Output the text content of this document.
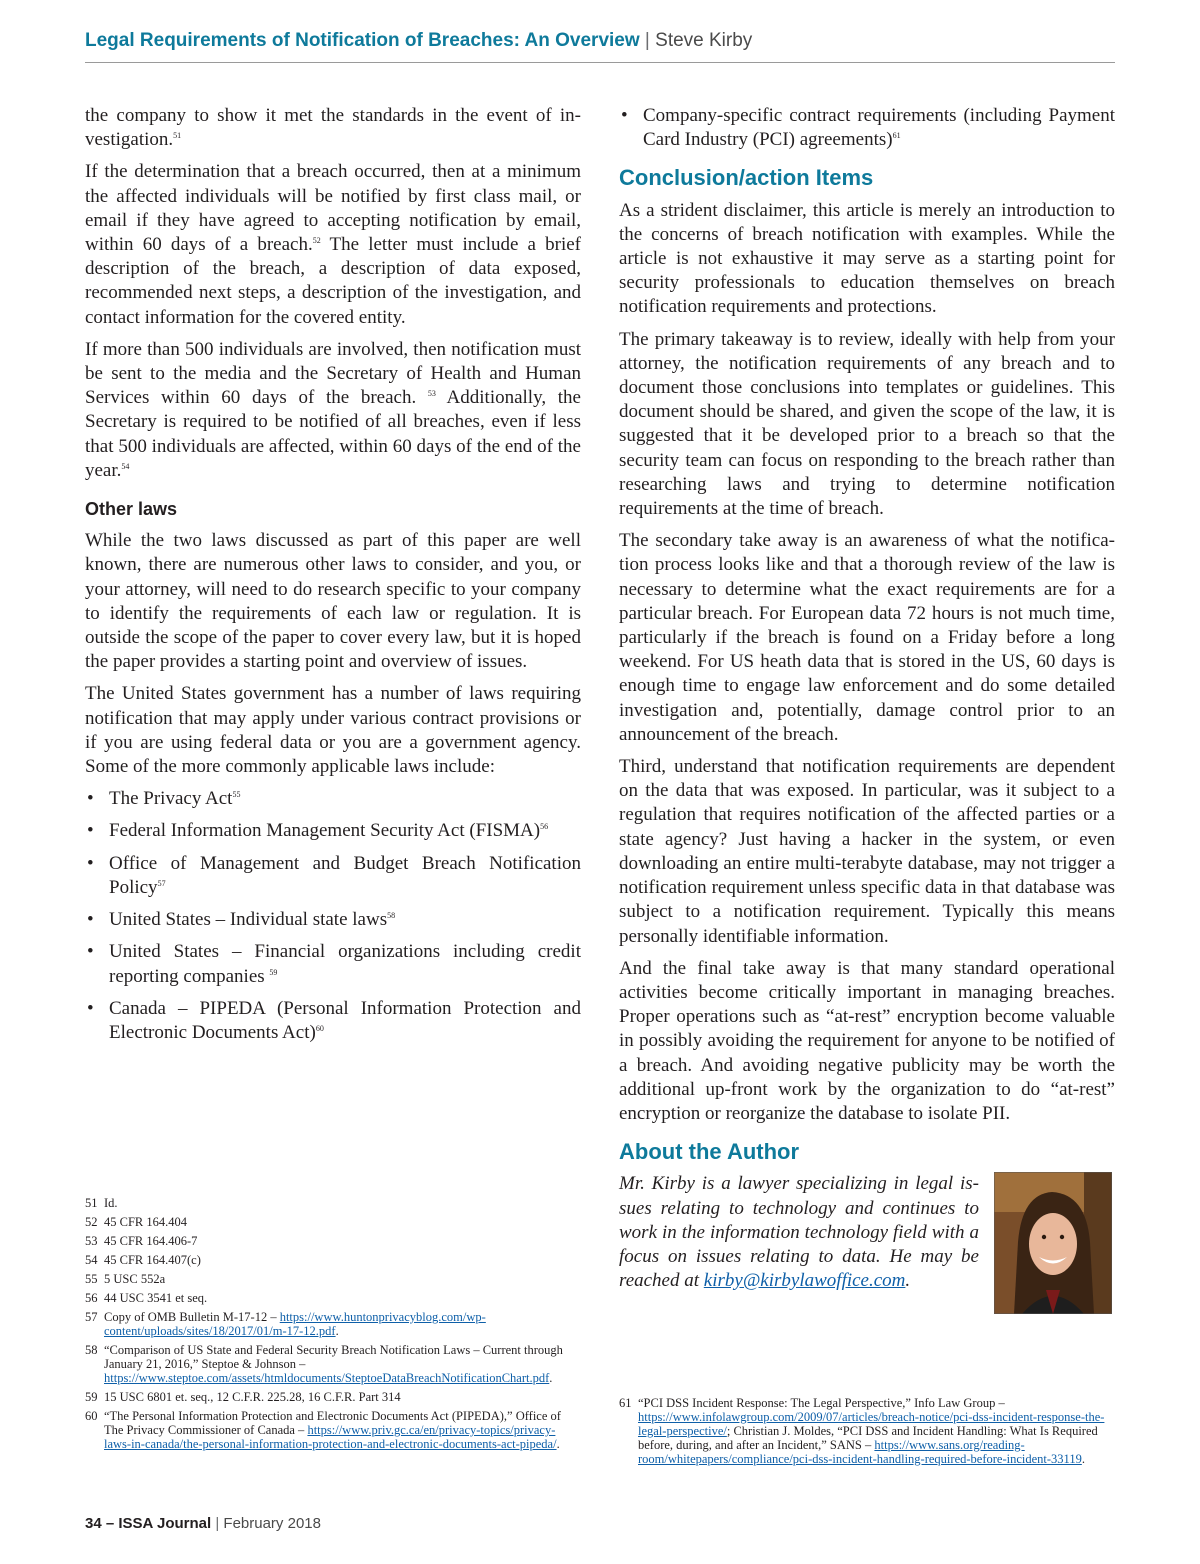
Legal Requirements of Notification of Breaches: An Overview | Steve Kirby

the company to show it met the standards in the event of investigation.$^{51}$

If the determination that a breach occurred, then at a minimum the affected individuals will be notified by first class mail, or email if they have agreed to accepting notification by email, within 60 days of a breach.$^{52}$ The letter must include a brief description of the breach, a description of data exposed, recommended next steps, a description of the investigation, and contact information for the covered entity.

If more than 500 individuals are involved, then notification must be sent to the media and the Secretary of Health and Human Services within 60 days of the breach. $^{53}$ Additionally, the Secretary is required to be notified of all breaches, even if less that 500 individuals are affected, within 60 days of the end of the year.$^{54}$

Other laws

While the two laws discussed as part of this paper are well known, there are numerous other laws to consider, and you, or your attorney, will need to do research specific to your company to identify the requirements of each law or regulation. It is outside the scope of the paper to cover every law, but it is hoped the paper provides a starting point and overview of issues.

The United States government has a number of laws requiring notification that may apply under various contract provisions or if you are using federal data or you are a government agency. Some of the more commonly applicable laws include:

• The Privacy Act$^{55}$
• Federal Information Management Security Act (FISMA)$^{56}$
• Office of Management and Budget Breach Notification Policy$^{57}$
• United States – Individual state laws$^{58}$
• United States – Financial organizations including credit reporting companies $^{59}$
• Canada – PIPEDA (Personal Information Protection and Electronic Documents Act)$^{60}$
• Company-specific contract requirements (including Payment Card Industry (PCI) agreements)$^{61}$
Conclusion/action Items

As a strident disclaimer, this article is merely an introduction to the concerns of breach notification with examples. While the article is not exhaustive it may serve as a starting point for security professionals to education themselves on breach notification requirements and protections.

The primary takeaway is to review, ideally with help from your attorney, the notification requirements of any breach and to document those conclusions into templates or guidelines. This document should be shared, and given the scope of the law, it is suggested that it be developed prior to a breach so that the security team can focus on responding to the breach rather than researching laws and trying to determine notification requirements at the time of breach.

The secondary take away is an awareness of what the notification process looks like and that a thorough review of the law is necessary to determine what the exact requirements are for a particular breach. For European data 72 hours is not much time, particularly if the breach is found on a Friday before a long weekend. For US heath data that is stored in the US, 60 days is enough time to engage law enforcement and do some detailed investigation and, potentially, damage control prior to an announcement of the breach.

Third, understand that notification requirements are dependent on the data that was exposed. In particular, was it subject to a regulation that requires notification of the affected parties or a state agency? Just having a hacker in the system, or even downloading an entire multi-terabyte database, may not trigger a notification requirement unless specific data in that database was subject to a notification requirement. Typically this means personally identifiable information.

And the final take away is that many standard operational activities become critically important in managing breaches. Proper operations such as “at-rest” encryption become valuable in possibly avoiding the requirement for anyone to be notified of a breach. And avoiding negative publicity may be worth the additional up-front work by the organization to do “at-rest” encryption or reorganize the database to isolate PII.

About the Author
Mr. Kirby is a lawyer specializing in legal issues relating to technology and continues to work in the information technology field with a focus on issues relating to data. He may be reached at kirby@kirbylawoffice.com.
51 Id.
52 45 CFR 164.404
53 45 CFR 164.406-7
54 45 CFR 164.407(c)
55 5 USC 552a
56 44 USC 3541 et seq.
57 Copy of OMB Bulletin M-17-12 – https://www.huntonprivacyblog.com/wp-content/uploads/sites/18/2017/01/m-17-12.pdf.
58 “Comparison of US State and Federal Security Breach Notification Laws – Current through January 21, 2016,” Steptoe & Johnson – https://www.steptoe.com/assets/htmldocuments/SteptoeDataBreachNotificationChart.pdf.
59 15 USC 6801 et. seq., 12 C.F.R. 225.28, 16 C.F.R. Part 314
60 “The Personal Information Protection and Electronic Documents Act (PIPEDA),” Office of The Privacy Commissioner of Canada – https://www.priv.gc.ca/en/privacy-topics/privacy-laws-in-canada/the-personal-information-protection-and-electronic-documents-act-pipeda/.
61 “PCI DSS Incident Response: The Legal Perspective,” Info Law Group – https://www.infolawgroup.com/2009/07/articles/breach-notice/pci-dss-incident-response-the-legal-perspective/; Christian J. Moldes, “PCI DSS and Incident Handling: What Is Required before, during, and after an Incident,” SANS – https://www.sans.org/reading-room/whitepapers/compliance/pci-dss-incident-handling-required-before-incident-33119.
34 – ISSA Journal | February 2018
